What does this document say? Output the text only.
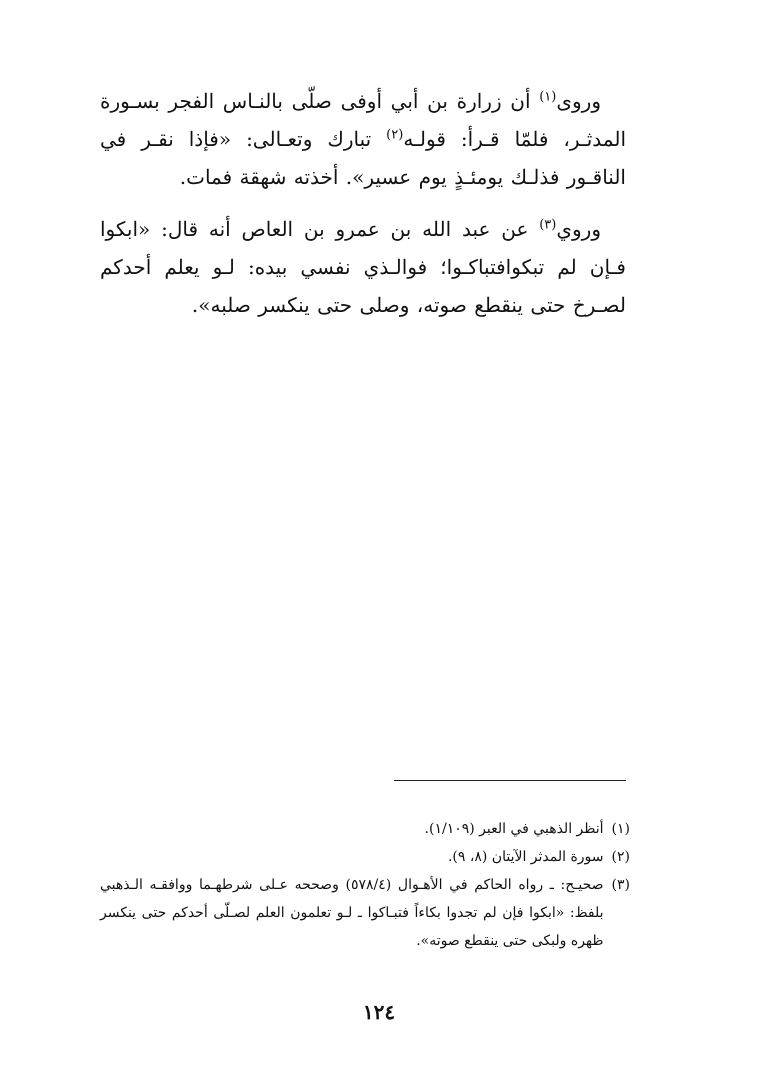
وروى$^{(١)}$ أن زرارة بن أبي أوفى صلّى بالنـاس الفجر بسـورة المدثـر، فلمّا قـرأ: قولـه$^{(٢)}$ تبارك وتعـالى: «فإذا نقـر في الناقـور فذلـك يومئـذٍ يوم عسير». أخذته شهقة فمات.

وروي$^{(٣)}$ عن عبد الله بن عمرو بن العاص أنه قال: «ابكوا فـإن لم تبكوافتباكـوا؛ فوالـذي نفسي بيده: لـو يعلم أحدكم لصـرخ حتى ينقطع صوته، وصلى حتى ينكسر صلبه».

(١)
أنظر الذهبي في العبر (١/١٠٩).
(٢)
سورة المدثر الآيتان (٨، ٩).
(٣)
صحيـح: ـ رواه الحاكم في الأهـوال (٥٧٨/٤) وصححه عـلى شرطهـما ووافقـه الـذهبي بلفظ: «ابكوا فإن لم تجدوا بكاءاً فتبـاكوا ـ لـو تعلمون العلم لصـلّى أحدكم حتى ينكسر ظهره ولبكى حتى ينقطع صوته».
١٢٤
